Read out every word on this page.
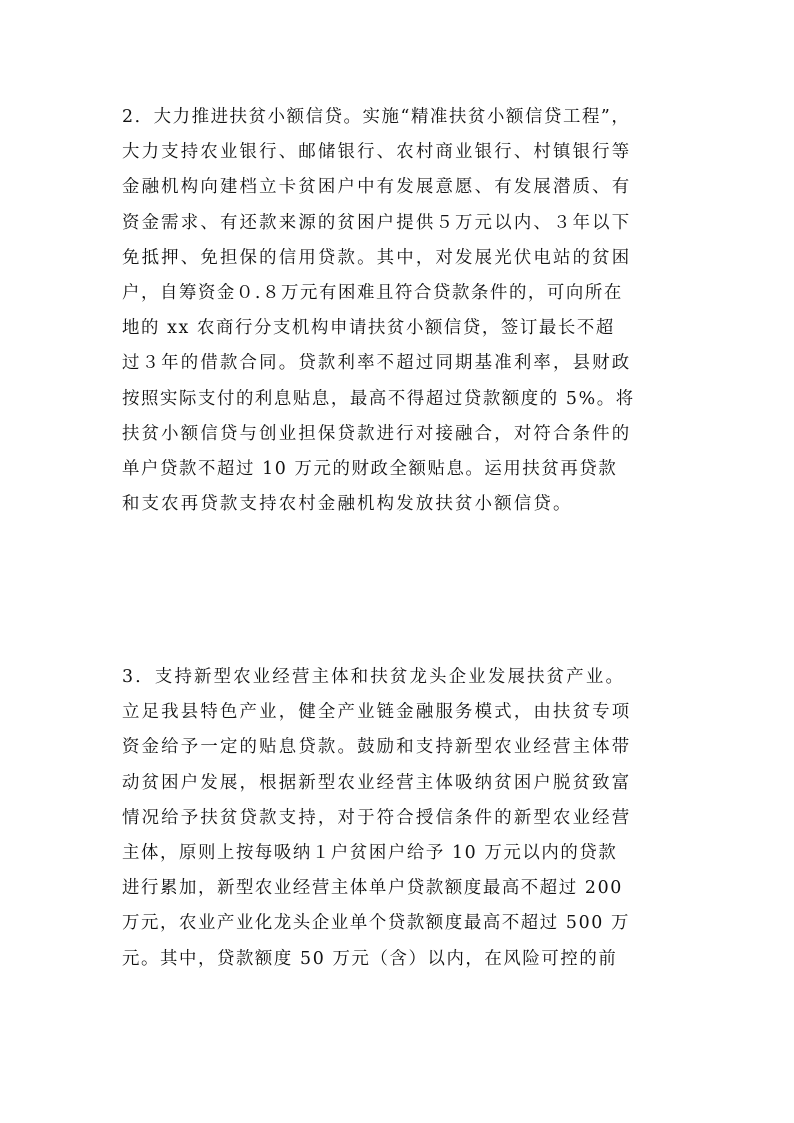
2．大力推进扶贫小额信贷。实施“精准扶贫小额信贷工程”，
大力支持农业银行、邮储银行、农村商业银行、村镇银行等
金融机构向建档立卡贫困户中有发展意愿、有发展潜质、有
资金需求、有还款来源的贫困户提供５万元以内、３年以下
免抵押、免担保的信用贷款。其中，对发展光伏电站的贫困
户，自筹资金０.８万元有困难且符合贷款条件的，可向所在
地的 xx 农商行分支机构申请扶贫小额信贷，签订最长不超
过３年的借款合同。贷款利率不超过同期基准利率，县财政
按照实际支付的利息贴息，最高不得超过贷款额度的 5%。将
扶贫小额信贷与创业担保贷款进行对接融合，对符合条件的
单户贷款不超过 10 万元的财政全额贴息。运用扶贫再贷款
和支农再贷款支持农村金融机构发放扶贫小额信贷。
3．支持新型农业经营主体和扶贫龙头企业发展扶贫产业。
立足我县特色产业，健全产业链金融服务模式，由扶贫专项
资金给予一定的贴息贷款。鼓励和支持新型农业经营主体带
动贫困户发展，根据新型农业经营主体吸纳贫困户脱贫致富
情况给予扶贫贷款支持，对于符合授信条件的新型农业经营
主体，原则上按每吸纳１户贫困户给予 10 万元以内的贷款
进行累加，新型农业经营主体单户贷款额度最高不超过 200
万元，农业产业化龙头企业单个贷款额度最高不超过 500 万
元。其中，贷款额度 50 万元（含）以内，在风险可控的前
